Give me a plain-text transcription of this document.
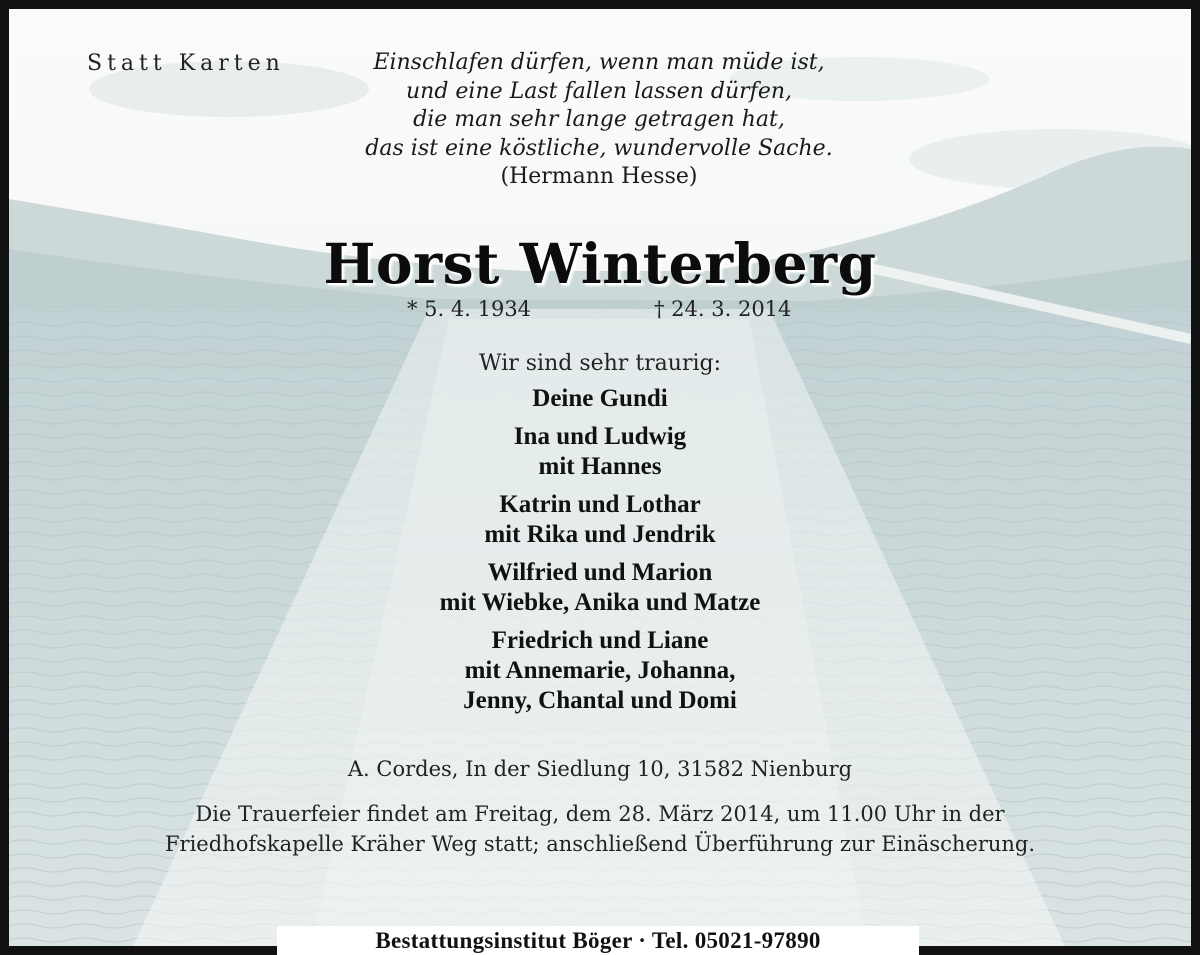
Statt Karten	Einschlafen dürfen, wenn man müde ist,
und eine Last fallen lassen dürfen,
die man sehr lange getragen hat,
das ist eine köstliche, wundervolle Sache.
(Hermann Hesse)
Horst Winterberg
* 5. 4. 1934	† 24. 3. 2014
Wir sind sehr traurig:
Deine Gundi
Ina und Ludwig
mit Hannes
Katrin und Lothar
mit Rika und Jendrik
Wilfried und Marion
mit Wiebke, Anika und Matze
Friedrich und Liane
mit Annemarie, Johanna,
Jenny, Chantal und Domi
A. Cordes, In der Siedlung 10, 31582 Nienburg
Die Trauerfeier findet am Freitag, dem 28. März 2014, um 11.00 Uhr in der
Friedhofskapelle Kräher Weg statt; anschließend Überführung zur Einäscherung.
Bestattungsinstitut Böger · Tel. 05021-97890
